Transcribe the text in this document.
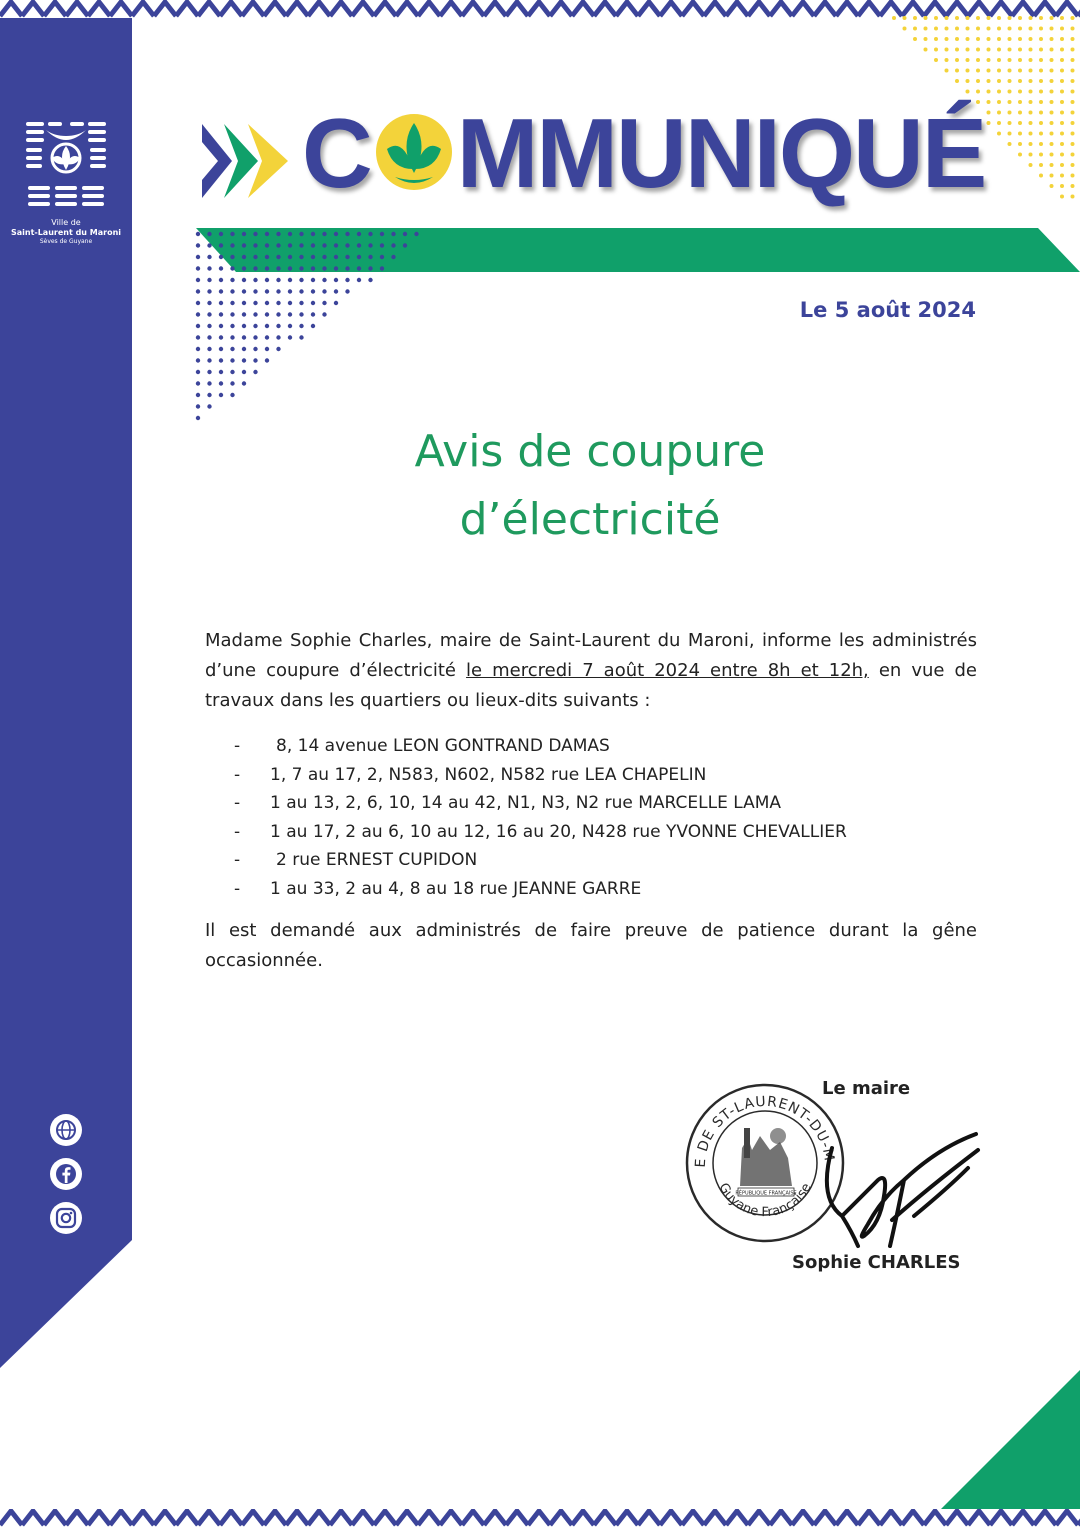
Ville de
Saint-Laurent du Maroni
Sèves de Guyane
C MMUNIQUÉ
Le 5 août 2024
Avis de coupure
d’électricité
Madame Sophie Charles, maire de Saint-Laurent du Maroni, informe les administrés d’une coupure d’électricité le mercredi 7 août 2024 entre 8h et 12h, en vue de travaux dans les quartiers ou lieux-dits suivants :
-	8, 14 avenue LEON GONTRAND DAMAS
-	1, 7 au 17, 2, N583, N602, N582 rue LEA CHAPELIN
-	1 au 13, 2, 6, 10, 14 au 42, N1, N3, N2 rue MARCELLE LAMA
-	1 au 17, 2 au 6, 10 au 12, 16 au 20, N428 rue YVONNE CHEVALLIER
-	2 rue ERNEST CUPIDON
-	1 au 33, 2 au 4, 8 au 18 rue JEANNE GARRE
Il est demandé aux administrés de faire preuve de patience durant la gêne occasionnée.
Le maire
E DE ST-LAURENT-DU-M
Guyane Française
RÉPUBLIQUE FRANÇAISE
Sophie CHARLES
